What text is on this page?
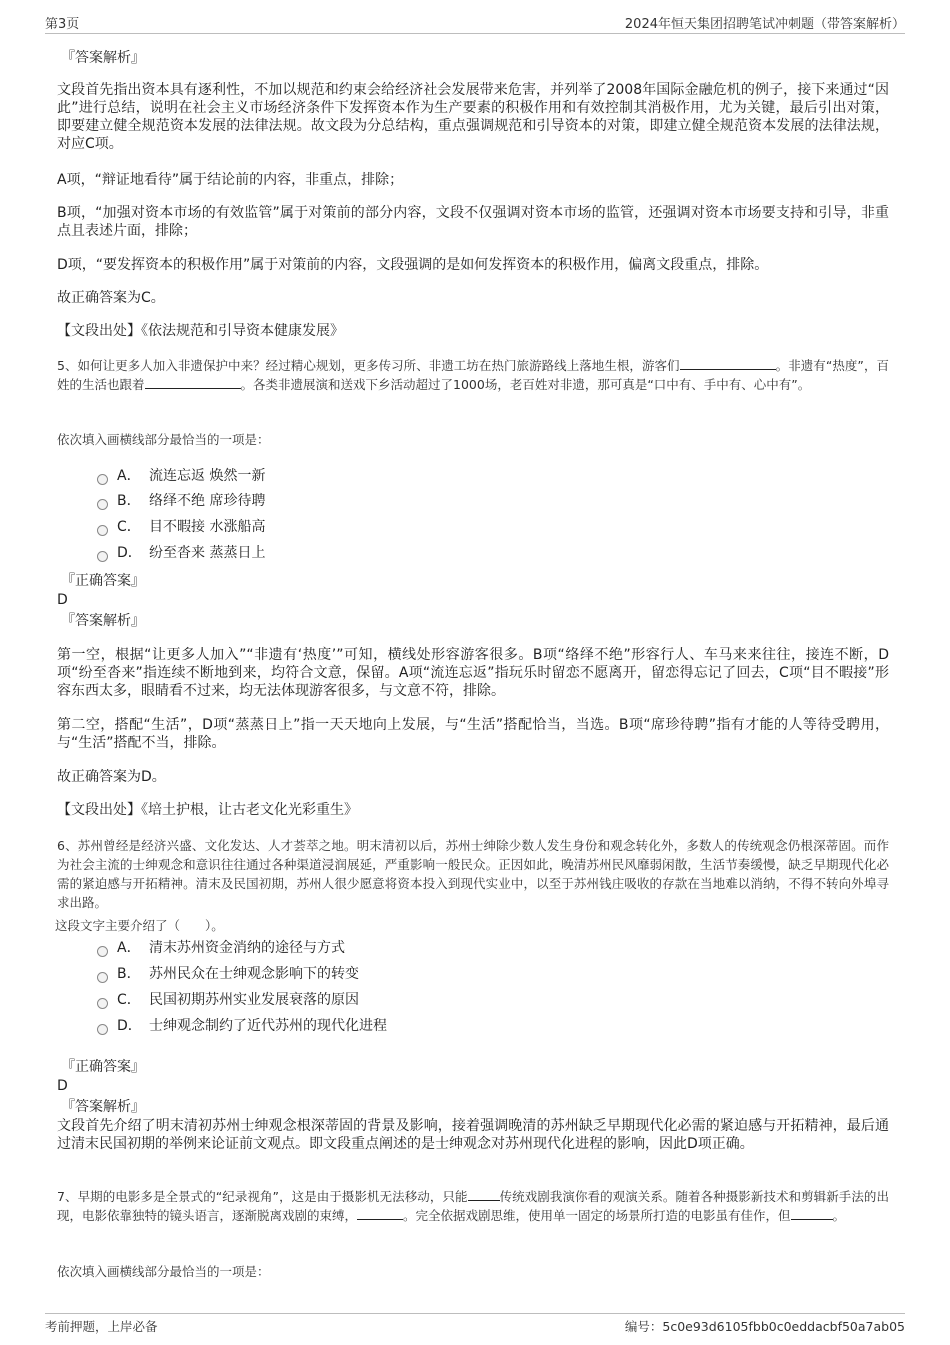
第3页	2024年恒天集团招聘笔试冲刺题（带答案解析）
『答案解析』
文段首先指出资本具有逐利性，不加以规范和约束会给经济社会发展带来危害，并列举了2008年国际金融危机的例子，接下来通过“因此”进行总结，说明在社会主义市场经济条件下发挥资本作为生产要素的积极作用和有效控制其消极作用，尤为关键，最后引出对策，即要建立健全规范资本发展的法律法规。故文段为分总结构，重点强调规范和引导资本的对策，即建立健全规范资本发展的法律法规，对应C项。
A项，“辩证地看待”属于结论前的内容，非重点，排除；
B项，“加强对资本市场的有效监管”属于对策前的部分内容，文段不仅强调对资本市场的监管，还强调对资本市场要支持和引导，非重点且表述片面，排除；
D项，“要发挥资本的积极作用”属于对策前的内容，文段强调的是如何发挥资本的积极作用，偏离文段重点，排除。
故正确答案为C。
【文段出处】《依法规范和引导资本健康发展》
5、如何让更多人加入非遗保护中来？经过精心规划，更多传习所、非遗工坊在热门旅游路线上落地生根，游客们	。非遗有“热度”，百姓的生活也跟着	。各类非遗展演和送戏下乡活动超过了1000场，老百姓对非遗，那可真是“口中有、手中有、心中有”。
依次填入画横线部分最恰当的一项是：
A． 流连忘返 焕然一新
B． 络绎不绝 席珍待聘
C． 目不暇接 水涨船高
D． 纷至沓来 蒸蒸日上
『正确答案』
D
『答案解析』
第一空，根据“让更多人加入”“非遗有‘热度’”可知，横线处形容游客很多。B项“络绎不绝”形容行人、车马来来往往，接连不断，D项“纷至沓来”指连续不断地到来，均符合文意，保留。A项“流连忘返”指玩乐时留恋不愿离开，留恋得忘记了回去，C项“目不暇接”形容东西太多，眼睛看不过来，均无法体现游客很多，与文意不符，排除。
第二空，搭配“生活”，D项“蒸蒸日上”指一天天地向上发展，与“生活”搭配恰当，当选。B项“席珍待聘”指有才能的人等待受聘用，与“生活”搭配不当，排除。
故正确答案为D。
【文段出处】《培土护根，让古老文化光彩重生》
6、苏州曾经是经济兴盛、文化发达、人才荟萃之地。明末清初以后，苏州士绅除少数人发生身份和观念转化外，多数人的传统观念仍根深蒂固。而作为社会主流的士绅观念和意识往往通过各种渠道浸润展延，严重影响一般民众。正因如此，晚清苏州民风靡弱闲散，生活节奏缓慢，缺乏早期现代化必需的紧迫感与开拓精神。清末及民国初期，苏州人很少愿意将资本投入到现代实业中，以至于苏州钱庄吸收的存款在当地难以消纳，不得不转向外埠寻求出路。
这段文字主要介绍了（　　）。
A． 清末苏州资金消纳的途径与方式
B． 苏州民众在士绅观念影响下的转变
C． 民国初期苏州实业发展衰落的原因
D． 士绅观念制约了近代苏州的现代化进程
『正确答案』
D
『答案解析』
文段首先介绍了明末清初苏州士绅观念根深蒂固的背景及影响，接着强调晚清的苏州缺乏早期现代化必需的紧迫感与开拓精神，最后通过清末民国初期的举例来论证前文观点。即文段重点阐述的是士绅观念对苏州现代化进程的影响，因此D项正确。
7、早期的电影多是全景式的“纪录视角”，这是由于摄影机无法移动，只能	传统戏剧我演你看的观演关系。随着各种摄影新技术和剪辑新手法的出现，电影依靠独特的镜头语言，逐渐脱离戏剧的束缚，	。完全依据戏剧思维，使用单一固定的场景所打造的电影虽有佳作，但	。
依次填入画横线部分最恰当的一项是：
考前押题，上岸必备	编号：5c0e93d6105fbb0c0eddacbf50a7ab05
